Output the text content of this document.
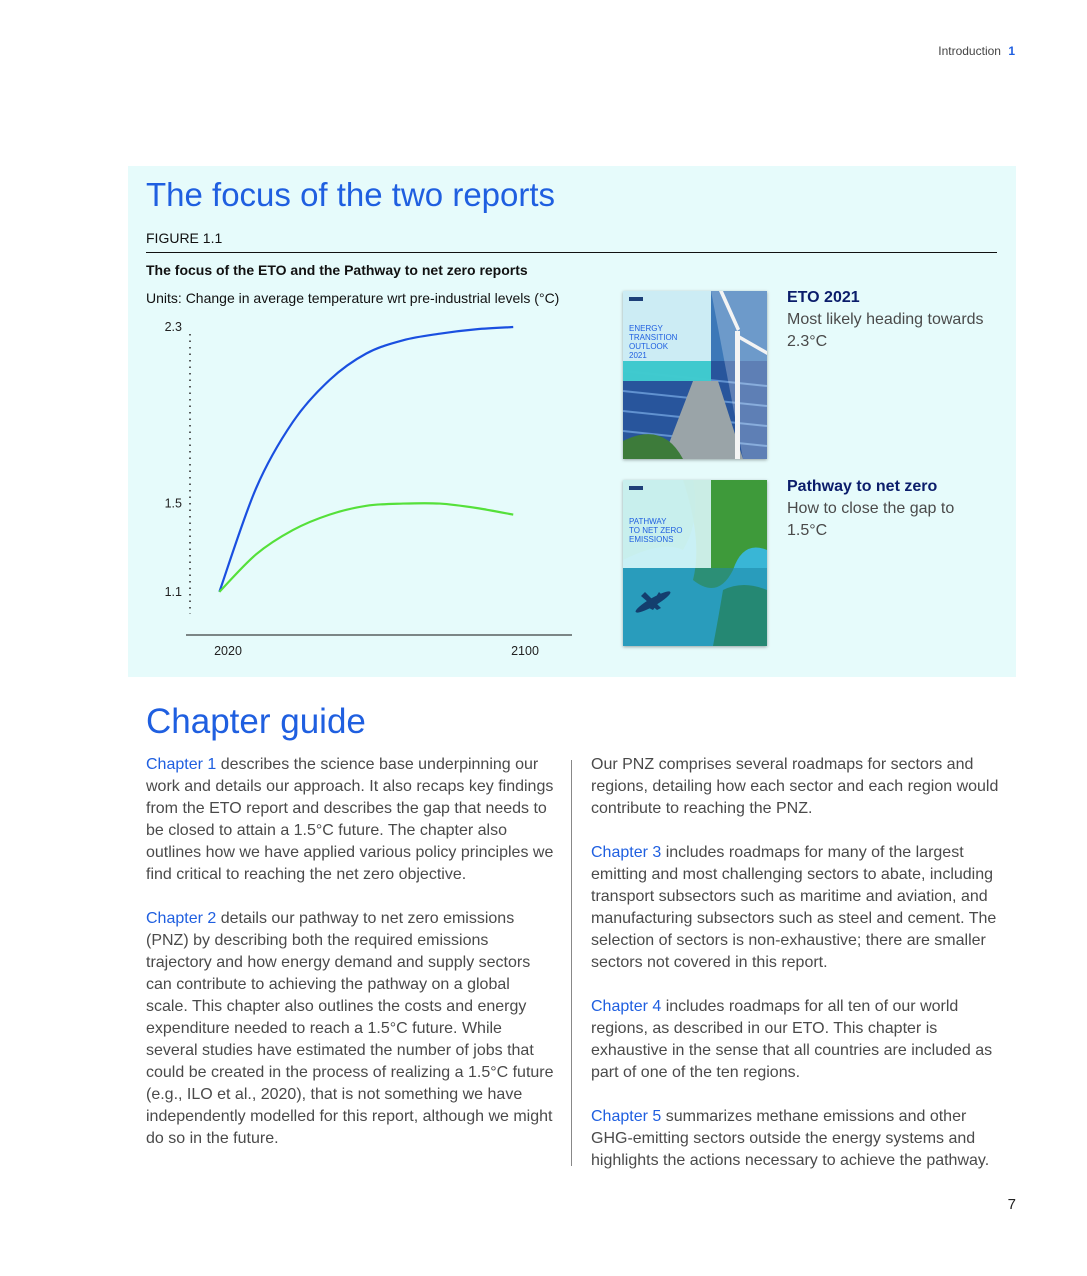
Introduction 1
The focus of the two reports
FIGURE 1.1
The focus of the ETO and the Pathway to net zero reports
Units: Change in average temperature wrt pre-industrial levels (°C)
2.3
1.5
1.1
2020	2100
ENERGY
TRANSITION
OUTLOOK
2021
ETO 2021
Most likely heading towards 2.3°C
PATHWAY
TO NET ZERO
EMISSIONS
Pathway to net zero
How to close the gap to 1.5°C
Chapter guide

Chapter 1 describes the science base underpinning our work and details our approach. It also recaps key findings from the ETO report and describes the gap that needs to be closed to attain a 1.5°C future. The chapter also outlines how we have applied various policy principles we find critical to reaching the net zero objective.

Chapter 2 details our pathway to net zero emissions (PNZ) by describing both the required emissions trajectory and how energy demand and supply sectors can contribute to achieving the pathway on a global scale. This chapter also outlines the costs and energy expenditure needed to reach a 1.5°C future. While several studies have estimated the number of jobs that could be created in the process of realizing a 1.5°C future (e.g., ILO et al., 2020), that is not something we have independently modelled for this report, although we might do so in the future.

Our PNZ comprises several roadmaps for sectors and regions, detailing how each sector and each region would contribute to reaching the PNZ.

Chapter 3 includes roadmaps for many of the largest emitting and most challenging sectors to abate, including transport subsectors such as maritime and aviation, and manufacturing subsectors such as steel and cement. The selection of sectors is non-exhaustive; there are smaller sectors not covered in this report.

Chapter 4 includes roadmaps for all ten of our world regions, as described in our ETO. This chapter is exhaustive in the sense that all countries are included as part of one of the ten regions.

Chapter 5 summarizes methane emissions and other GHG-emitting sectors outside the energy systems and highlights the actions necessary to achieve the pathway.

7
